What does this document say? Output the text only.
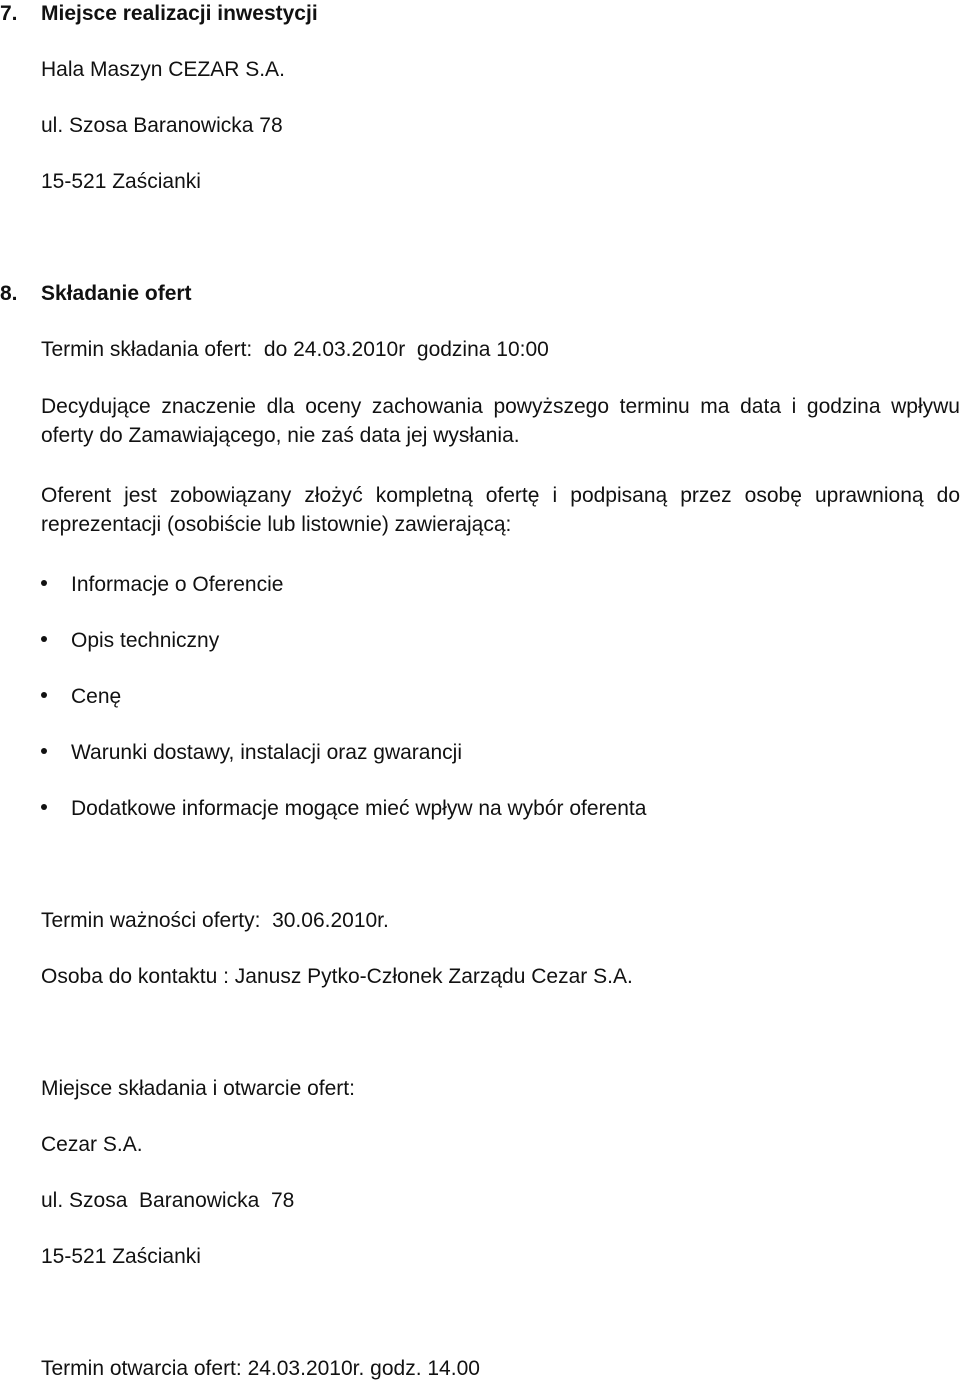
7. Miejsce realizacji inwestycji
Hala Maszyn CEZAR S.A.
ul. Szosa Baranowicka 78
15-521 Zaścianki
8. Składanie ofert
Termin składania ofert:  do 24.03.2010r  godzina 10:00
Decydujące znaczenie dla oceny zachowania powyższego terminu ma data i godzina wpływu oferty do Zamawiającego, nie zaś data jej wysłania.
Oferent jest zobowiązany złożyć kompletną ofertę i podpisaną przez osobę uprawnioną do reprezentacji (osobiście lub listownie) zawierającą:
Informacje o Oferencie
Opis techniczny
Cenę
Warunki dostawy, instalacji oraz gwarancji
Dodatkowe informacje mogące mieć wpływ na wybór oferenta
Termin ważności oferty:  30.06.2010r.
Osoba do kontaktu : Janusz Pytko-Członek Zarządu Cezar S.A.
Miejsce składania i otwarcie ofert:
Cezar S.A.
ul. Szosa  Baranowicka  78
15-521 Zaścianki
Termin otwarcia ofert: 24.03.2010r. godz. 14.00
